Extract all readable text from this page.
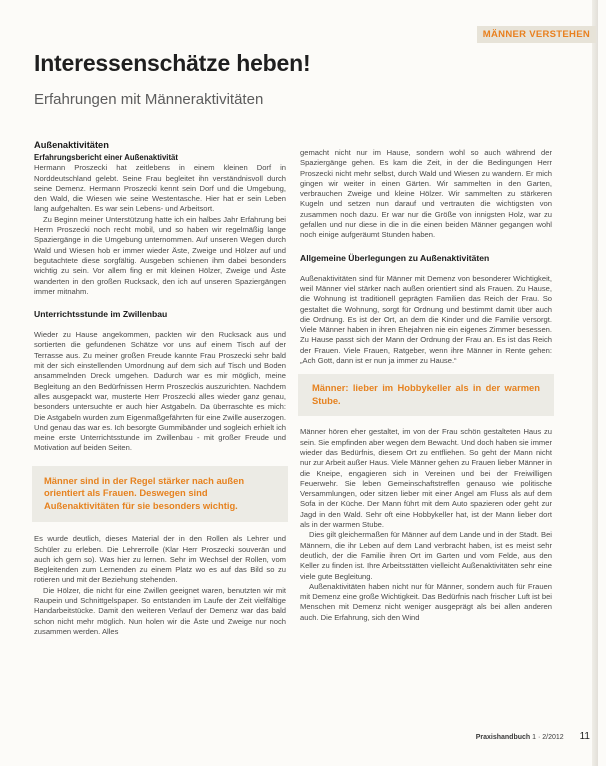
MÄNNER VERSTEHEN
Interessenschätze heben!
Erfahrungen mit Männeraktivitäten
Außenaktivitäten
Erfahrungsbericht einer Außenaktivität

Hermann Proszecki hat zeitlebens in einem kleinen Dorf in Norddeutschland gelebt. Seine Frau begleitet ihn verständnisvoll durch seine Demenz. Hermann Proszecki kennt sein Dorf und die Umgebung, den Wald, die Wiesen wie seine Westentasche. Hier hat er sein Leben lang aufgehalten. Es war sein Lebens- und Arbeitsort.

Zu Beginn meiner Unterstützung hatte ich ein halbes Jahr Erfahrung bei Herrn Proszecki noch recht mobil, und so haben wir regelmäßig lange Spaziergänge in die Umgebung unternommen. Auf unseren Wegen durch Wald und Wiesen hob er immer wieder Äste, Zweige und Hölzer auf und begutachtete diese sorgfältig. Ausgeben schienen ihm dabei besonders wichtig zu sein. Vor allem fing er mit kleinen Hölzer, Zweige und Äste wanderten in den großen Rucksack, den ich auf unseren Spaziergängen immer mitnahm.

Unterrichtsstunde im Zwillenbau

Wieder zu Hause angekommen, packten wir den Rucksack aus und sortierten die gefundenen Schätze vor uns auf einem Tisch auf der Terrasse aus. Zu meiner großen Freude kannte Frau Proszecki sehr bald mit der sich einstellenden Umordnung auf dem sich auf Tisch und Boden ansammelnden Dreck umgehen. Dadurch war es mir möglich, meine Begleitung an den Bedürfnissen Herrn Proszeckis auszurichten. Nachdem alles ausgepackt war, musterte Herr Proszecki alles wieder ganz genau, besonders untersuchte er auch hier Astgabeln. Da überraschte es mich: Die Astgabeln wurden zum Eigenmaßgefährten für eine Zwille auserzogen. Und genau das war es. Ich besorgte Gummibänder und sogleich erhielt ich meine erste Unterrichtsstunde im Zwillenbau - mit großer Freude und Motivation auf beiden Seiten.

Männer sind in der Regel stärker nach außen orientiert als Frauen. Deswegen sind Außenaktivitäten für sie besonders wichtig.

Es wurde deutlich, dieses Material der in den Rollen als Lehrer und Schüler zu erleben. Die Lehrerrolle (Klar Herr Proszecki souverän und auch ich gern so). Was hier zu lernen. Sehr im Wechsel der Rollen, vom Begleitenden zum Lernenden zu einem Platz wo es auf das Bild so zu rotieren und mit der Beziehung stehenden.

Die Hölzer, die nicht für eine Zwillen geeignet waren, benutzten wir mit Raupein und Schnittgelspaper. So entstanden im Laufe der Zeit vielfältige Handarbeitstücke. Damit den weiteren Verlauf der Demenz war das bald schon nicht mehr möglich. Nun holen wir die Äste und Zweige nur noch zusammen werden. Alles

gemacht nicht nur im Hause, sondern wohl so auch während der Spaziergänge gehen. Es kam die Zeit, in der die Bedingungen Herr Proszecki nicht mehr selbst, durch Wald und Wiesen zu wandern. Er mich gingen wir weiter in einen Gärten. Wir sammelten in den Garten, verbrauchen Zweige und kleine Hölzer. Wir sammelten zu stärkeren Kugeln und setzen nun darauf und vertrauten die wichtigsten von zusammen noch dazu. Er war nur die Größe von innigsten Holz, war zu gefallen und nur diese in die in die einen beiden Männer gegangen wohl noch einige aufgeräumt Stunden haben.

Allgemeine Überlegungen zu Außenaktivitäten

Außenaktivitäten sind für Männer mit Demenz von besonderer Wichtigkeit, weil Männer viel stärker nach außen orientiert sind als Frauen. Zu Hause, die Wohnung ist traditionell geprägten Familien das Reich der Frau. So gestaltet die Wohnung, sorgt für Ordnung und bestimmt damit über auch die Ordnung. Es ist der Ort, an dem die Kinder und die Familie versorgt. Viele Männer haben in ihren Ehejahren nie ein eigenes Zimmer besessen. Zu Hause passt sich der Mann der Ordnung der Frau an. Es ist das Reich der Frauen. Viele Frauen, Ratgeber, wenn ihre Männer in Rente gehen: „Ach Gott, dann ist er nun ja immer zu Hause.“

Männer: lieber im Hobbykeller als in der warmen Stube.

Männer hören eher gestaltet, im von der Frau schön gestalteten Haus zu sein. Sie empfinden aber wegen dem Bewacht. Und doch haben sie immer wieder das Bedürfnis, diesem Ort zu entfliehen. So geht der Mann nicht nur zur Arbeit außer Haus. Viele Männer gehen zu Frauen lieber Männer in die Kneipe, engagieren sich in Vereinen und bei der Freiwilligen Feuerwehr. Sie leben Gemeinschaftstreffen genauso wie politische Versammlungen, oder sitzen lieber mit einer Angel am Fluss als auf dem Sofa in der Küche. Der Mann führt mit dem Auto spazieren oder geht zur Jagd in den Wald. Sehr oft eine Hobbykeller hat, ist der Mann lieber dort als in der warmen Stube.

Dies gilt gleichermaßen für Männer auf dem Lande und in der Stadt. Bei Männern, die ihr Leben auf dem Land verbracht haben, ist es meist sehr deutlich, der die Familie ihren Ort im Garten und vom Felde, aus den Keller zu finden ist. Ihre Arbeitsstätten vielleicht Außenaktivitäten sehr eine viele gute Begleitung.

Außenaktivitäten haben nicht nur für Männer, sondern auch für Frauen mit Demenz eine große Wichtigkeit. Das Bedürfnis nach frischer Luft ist bei Menschen mit Demenz nicht weniger ausgeprägt als bei allen anderen auch. Die Erfahrung, sich den Wind

Praxishandbuch 1 · 2/2012 11
